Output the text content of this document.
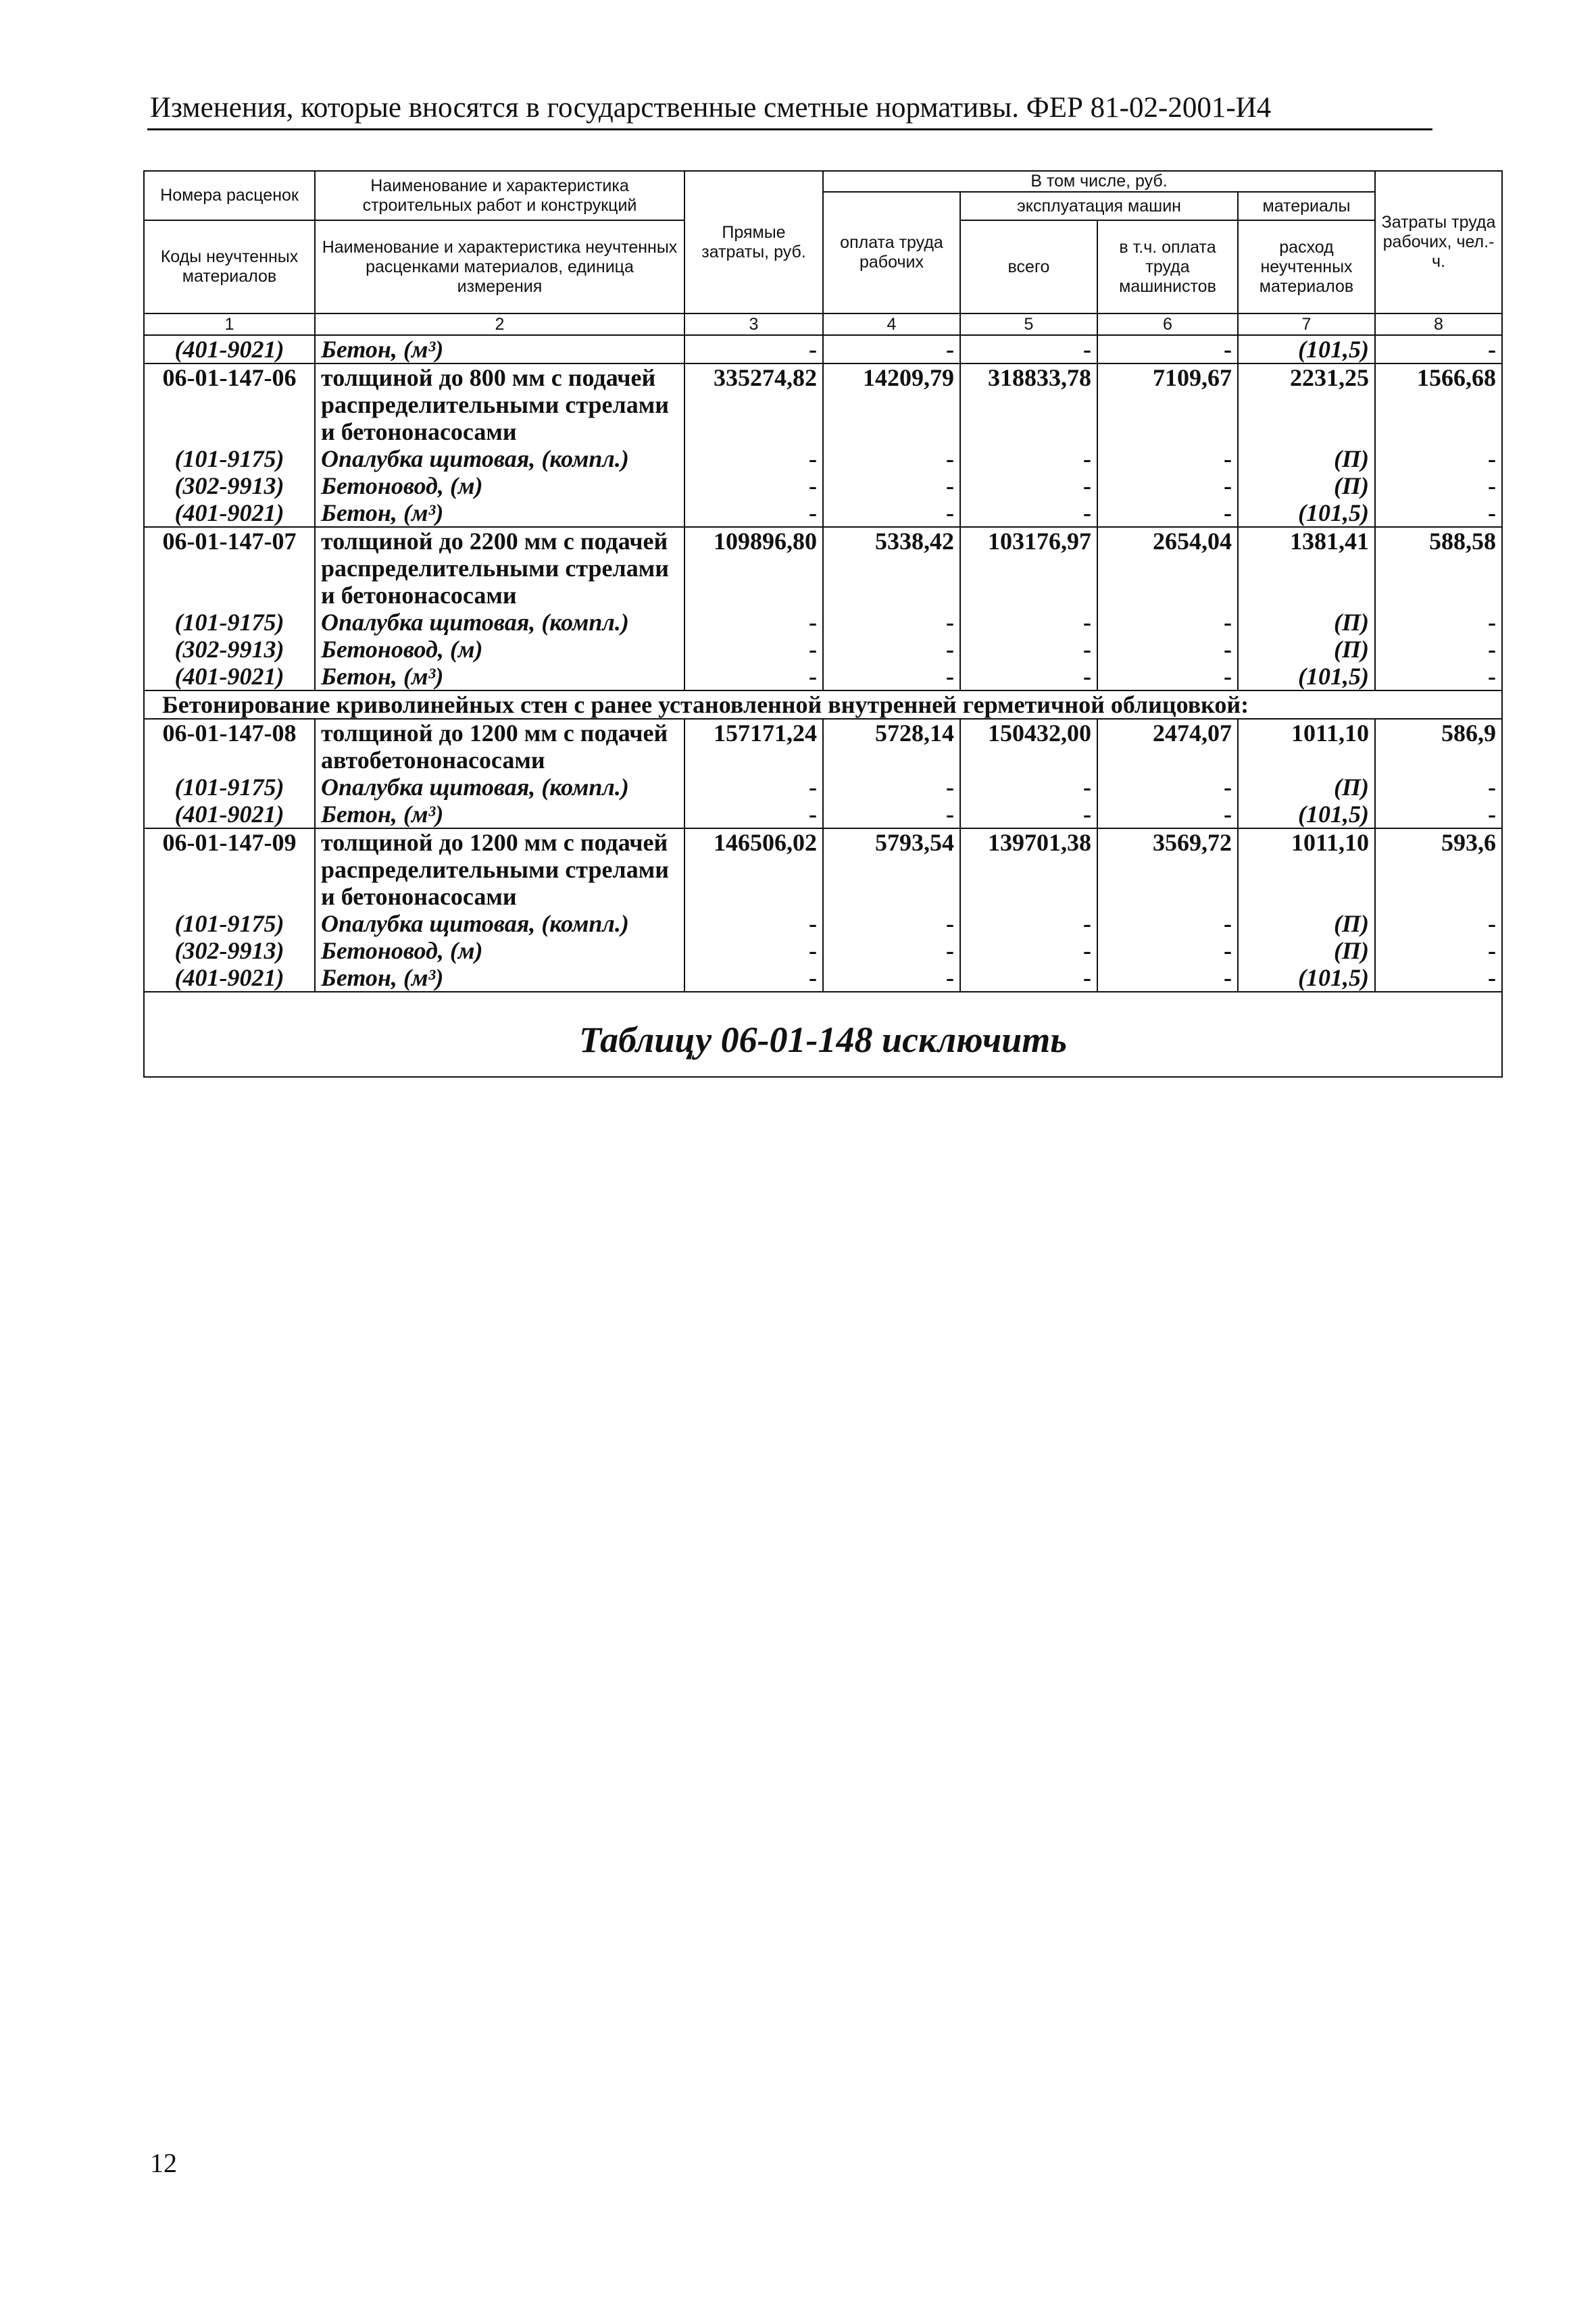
Изменения, которые вносятся в государственные сметные нормативы. ФЕР 81-02-2001-И4
Номера расценок	Наименование и характеристика строительных работ и конструкций	Прямые затраты, руб.	В том числе, руб.				Затраты труда рабочих, чел.-ч.
			оплата труда рабочих	эксплуатация машин		материалы	
Коды неучтенных материалов	Наименование и характеристика неучтенных расценками материалов, единица измерения			всего	в т.ч. оплата труда машинистов	расход неучтенных материалов	

1	2	3	4	5	6	7	8
(401-9021)	Бетон, (м³)	-	-	-	-	(101,5)	-
06-01-147-06	толщиной до 800 мм с подачей распределительными стрелами и бетононасосами	335274,82	14209,79	318833,78	7109,67	2231,25	1566,68
(101-9175)	Опалубка щитовая, (компл.)	-	-	-	-	(П)	-
(302-9913)	Бетоновод, (м)	-	-	-	-	(П)	-
(401-9021)	Бетон, (м³)	-	-	-	-	(101,5)	-
06-01-147-07	толщиной до 2200 мм с подачей распределительными стрелами и бетононасосами	109896,80	5338,42	103176,97	2654,04	1381,41	588,58
(101-9175)	Опалубка щитовая, (компл.)	-	-	-	-	(П)	-
(302-9913)	Бетоновод, (м)	-	-	-	-	(П)	-
(401-9021)	Бетон, (м³)	-	-	-	-	(101,5)	-
Бетонирование криволинейных стен с ранее установленной внутренней герметичной облицовкой:							
06-01-147-08	толщиной до 1200 мм с подачей автобетононасосами	157171,24	5728,14	150432,00	2474,07	1011,10	586,9
(101-9175)	Опалубка щитовая, (компл.)	-	-	-	-	(П)	-
(401-9021)	Бетон, (м³)	-	-	-	-	(101,5)	-
06-01-147-09	толщиной до 1200 мм с подачей распределительными стрелами и бетононасосами	146506,02	5793,54	139701,38	3569,72	1011,10	593,6
(101-9175)	Опалубка щитовая, (компл.)	-	-	-	-	(П)	-
(302-9913)	Бетоновод, (м)	-	-	-	-	(П)	-
(401-9021)	Бетон, (м³)	-	-	-	-	(101,5)	-
Таблицу 06-01-148 исключить							
12
